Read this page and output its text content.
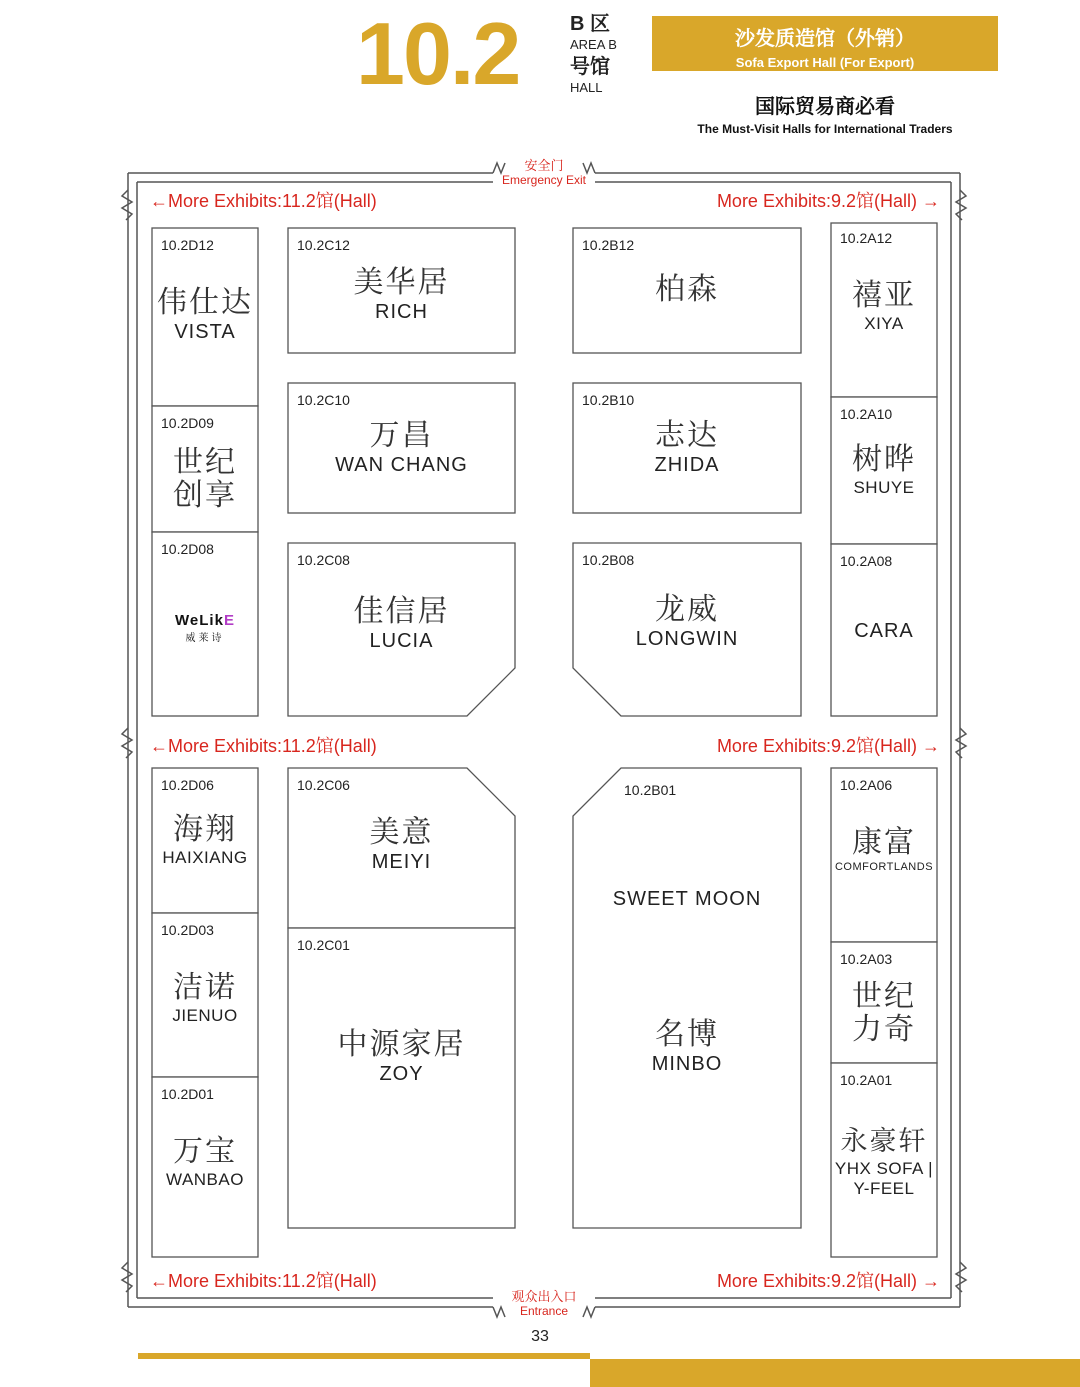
10.2	B 区
AREA B
号馆
HALL
沙发质造馆（外销）
Sofa Export Hall (For Export)
国际贸易商必看
The Must-Visit Halls for International Traders
安全门
Emergency Exit
观众出入口
Entrance
←More Exhibits:11.2馆(Hall)	More Exhibits:9.2馆(Hall) →
←More Exhibits:11.2馆(Hall)	More Exhibits:9.2馆(Hall) →
←More Exhibits:11.2馆(Hall)	More Exhibits:9.2馆(Hall) →
10.2D12
伟仕达
VISTA
10.2D09
世纪
创享
10.2D08
WeLikE
威莱诗
10.2D06
海翔
HAIXIANG
10.2D03
洁诺
JIENUO
10.2D01
万宝
WANBAO
10.2C12
美华居
RICH
10.2C10
万昌
WAN CHANG
10.2C08
佳信居
LUCIA
10.2C06
美意
MEIYI
10.2C01
中源家居
ZOY
10.2B12
柏森
10.2B10
志达
ZHIDA
10.2B08
龙威
LONGWIN
10.2B01
SWEET MOON
名博
MINBO
10.2A12
禧亚
XIYA
10.2A10
树晔
SHUYE
10.2A08
CARA
10.2A06
康富
COMFORTLANDS
10.2A03
世纪
力奇
10.2A01
永豪轩
YHX SOFA |
Y-FEEL
33
